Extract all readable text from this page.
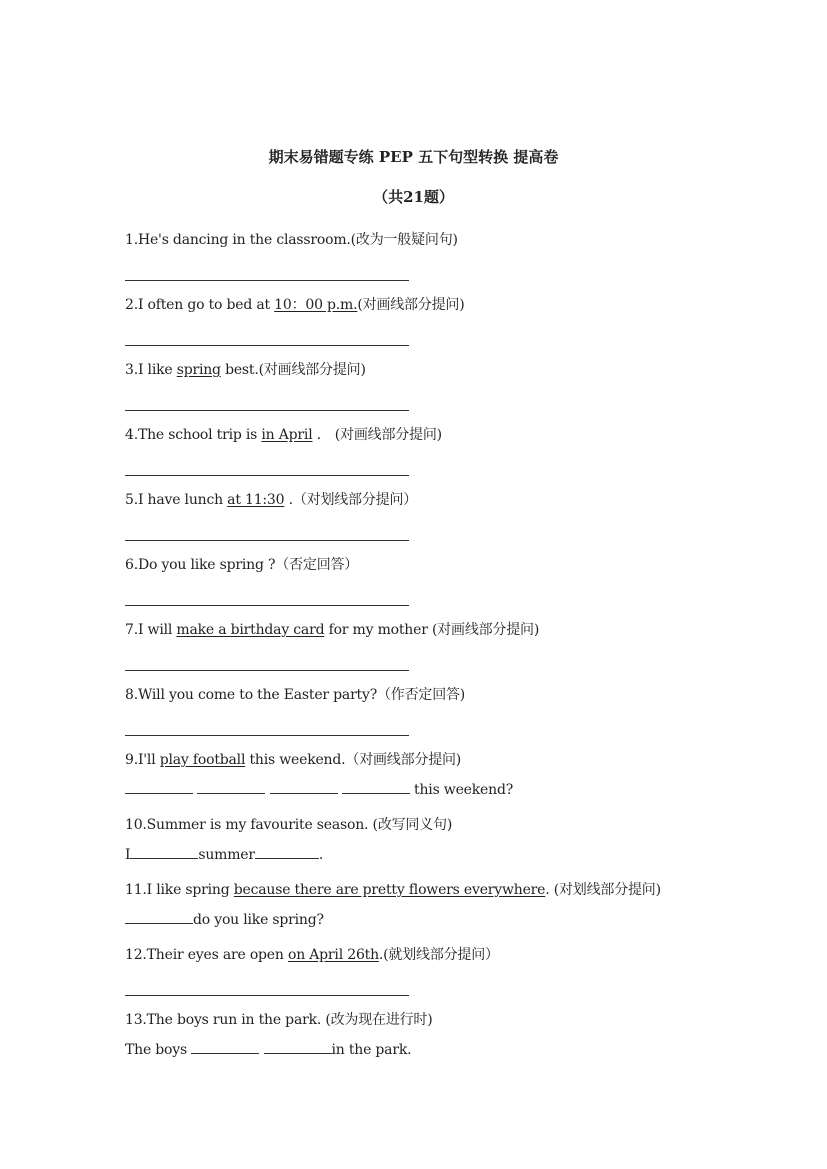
期末易错题专练 PEP 五下句型转换 提高卷
（共21题）
1.He's dancing in the classroom.(改为一般疑问句)
2.I often go to bed at 10：00 p.m.(对画线部分提问)
3.I like spring best.(对画线部分提问)
4.The school trip is in April ． (对画线部分提问)
5.I have lunch at 11:30 .（对划线部分提问）
6.Do you like spring ?（否定回答）
7.I will make a birthday card for my mother (对画线部分提问)
8.Will you come to the Easter party?（作否定回答)
9.I'll play football this weekend.（对画线部分提问)
this weekend?
10.Summer is my favourite season. (改写同义句)
I	summer	.
11.I like spring because there are pretty flowers everywhere. (对划线部分提问)
do you like spring?
12.Their eyes are open on April 26th.(就划线部分提问）
13.The boys run in the park. (改为现在进行时)
The boys	in the park.
